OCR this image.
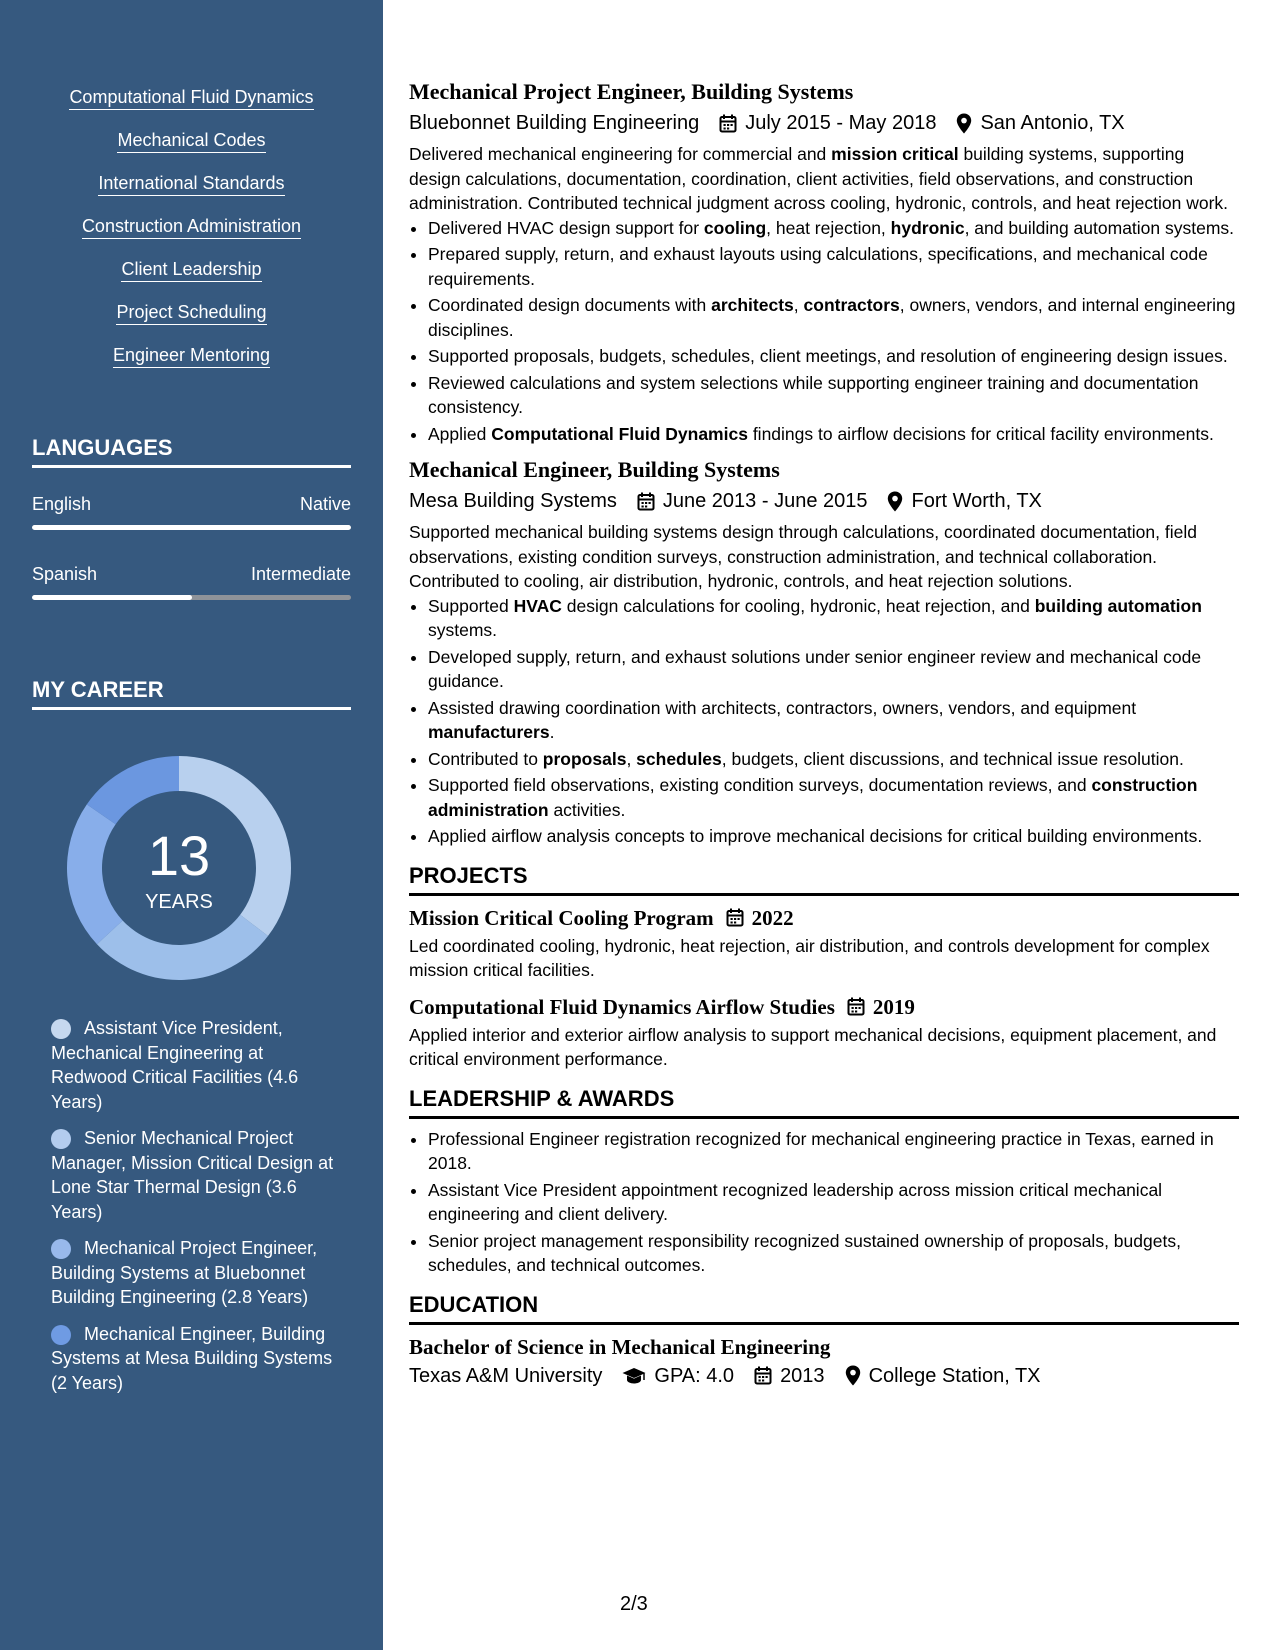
Computational Fluid Dynamics
Mechanical Codes
International Standards
Construction Administration
Client Leadership
Project Scheduling
Engineer Mentoring
LANGUAGES
English	Native
Spanish	Intermediate
MY CAREER
13
YEARS
Assistant Vice President, Mechanical Engineering at Redwood Critical Facilities (4.6 Years)
Senior Mechanical Project Manager, Mission Critical Design at Lone Star Thermal Design (3.6 Years)
Mechanical Project Engineer, Building Systems at Bluebonnet Building Engineering (2.8 Years)
Mechanical Engineer, Building Systems at Mesa Building Systems (2 Years)
Mechanical Project Engineer, Building Systems
Bluebonnet Building Engineering July 2015 - May 2018 San Antonio, TX
Delivered mechanical engineering for commercial and mission critical building systems, supporting design calculations, documentation, coordination, client activities, field observations, and construction administration. Contributed technical judgment across cooling, hydronic, controls, and heat rejection work.
• Delivered HVAC design support for cooling, heat rejection, hydronic, and building automation systems.
• Prepared supply, return, and exhaust layouts using calculations, specifications, and mechanical code requirements.
• Coordinated design documents with architects, contractors, owners, vendors, and internal engineering disciplines.
• Supported proposals, budgets, schedules, client meetings, and resolution of engineering design issues.
• Reviewed calculations and system selections while supporting engineer training and documentation consistency.
• Applied Computational Fluid Dynamics findings to airflow decisions for critical facility environments.
Mechanical Engineer, Building Systems
Mesa Building Systems June 2013 - June 2015 Fort Worth, TX
Supported mechanical building systems design through calculations, coordinated documentation, field observations, existing condition surveys, construction administration, and technical collaboration. Contributed to cooling, air distribution, hydronic, controls, and heat rejection solutions.
• Supported HVAC design calculations for cooling, hydronic, heat rejection, and building automation systems.
• Developed supply, return, and exhaust solutions under senior engineer review and mechanical code guidance.
• Assisted drawing coordination with architects, contractors, owners, vendors, and equipment manufacturers.
• Contributed to proposals, schedules, budgets, client discussions, and technical issue resolution.
• Supported field observations, existing condition surveys, documentation reviews, and construction administration activities.
• Applied airflow analysis concepts to improve mechanical decisions for critical building environments.
PROJECTS
Mission Critical Cooling Program 2022
Led coordinated cooling, hydronic, heat rejection, air distribution, and controls development for complex mission critical facilities.
Computational Fluid Dynamics Airflow Studies 2019
Applied interior and exterior airflow analysis to support mechanical decisions, equipment placement, and critical environment performance.
LEADERSHIP & AWARDS
• Professional Engineer registration recognized for mechanical engineering practice in Texas, earned in 2018.
• Assistant Vice President appointment recognized leadership across mission critical mechanical engineering and client delivery.
• Senior project management responsibility recognized sustained ownership of proposals, budgets, schedules, and technical outcomes.
EDUCATION
Bachelor of Science in Mechanical Engineering
Texas A&M University	GPA: 4.0 2013 College Station, TX
2/3
